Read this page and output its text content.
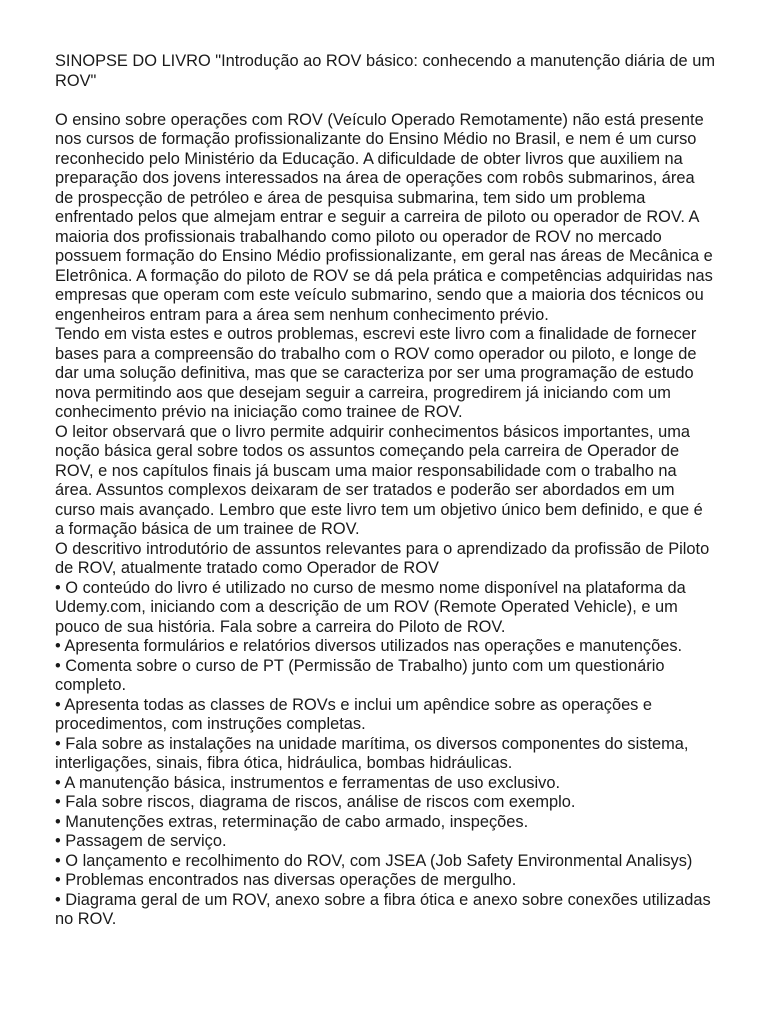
SINOPSE DO LIVRO "Introdução ao ROV básico: conhecendo a manutenção diária de um ROV"

O ensino sobre operações com ROV (Veículo Operado Remotamente) não está presente nos cursos de formação profissionalizante do Ensino Médio no Brasil, e nem é um curso reconhecido pelo Ministério da Educação. A dificuldade de obter livros que auxiliem na preparação dos jovens interessados na área de operações com robôs submarinos, área de prospecção de petróleo e área de pesquisa submarina, tem sido um problema enfrentado pelos que almejam entrar e seguir a carreira de piloto ou operador de ROV. A maioria dos profissionais trabalhando como piloto ou operador de ROV no mercado possuem formação do Ensino Médio profissionalizante, em geral nas áreas de Mecânica e Eletrônica. A formação do piloto de ROV se dá pela prática e competências adquiridas nas empresas que operam com este veículo submarino, sendo que a maioria dos técnicos ou engenheiros entram para a área sem nenhum conhecimento prévio.

Tendo em vista estes e outros problemas, escrevi este livro com a finalidade de fornecer bases para a compreensão do trabalho com o ROV como operador ou piloto, e longe de dar uma solução definitiva, mas que se caracteriza por ser uma programação de estudo nova permitindo aos que desejam seguir a carreira, progredirem já iniciando com um conhecimento prévio na iniciação como trainee de ROV.

O leitor observará que o livro permite adquirir conhecimentos básicos importantes, uma noção básica geral sobre todos os assuntos começando pela carreira de Operador de ROV, e nos capítulos finais já buscam uma maior responsabilidade com o trabalho na área. Assuntos complexos deixaram de ser tratados e poderão ser abordados em um curso mais avançado. Lembro que este livro tem um objetivo único bem definido, e que é a formação básica de um trainee de ROV.

O descritivo introdutório de assuntos relevantes para o aprendizado da profissão de Piloto de ROV, atualmente tratado como Operador de ROV

• O conteúdo do livro é utilizado no curso de mesmo nome disponível na plataforma da Udemy.com, iniciando com a descrição de um ROV (Remote Operated Vehicle), e um pouco de sua história. Fala sobre a carreira do Piloto de ROV.

• Apresenta formulários e relatórios diversos utilizados nas operações e manutenções.

• Comenta sobre o curso de PT (Permissão de Trabalho) junto com um questionário completo.

• Apresenta todas as classes de ROVs e inclui um apêndice sobre as operações e procedimentos, com instruções completas.

• Fala sobre as instalações na unidade marítima, os diversos componentes do sistema, interligações, sinais, fibra ótica, hidráulica, bombas hidráulicas.

• A manutenção básica, instrumentos e ferramentas de uso exclusivo.

• Fala sobre riscos, diagrama de riscos, análise de riscos com exemplo.

• Manutenções extras, reterminação de cabo armado, inspeções.

• Passagem de serviço.

• O lançamento e recolhimento do ROV, com JSEA (Job Safety Environmental Analisys)

• Problemas encontrados nas diversas operações de mergulho.

• Diagrama geral de um ROV, anexo sobre a fibra ótica e anexo sobre conexões utilizadas no ROV.
